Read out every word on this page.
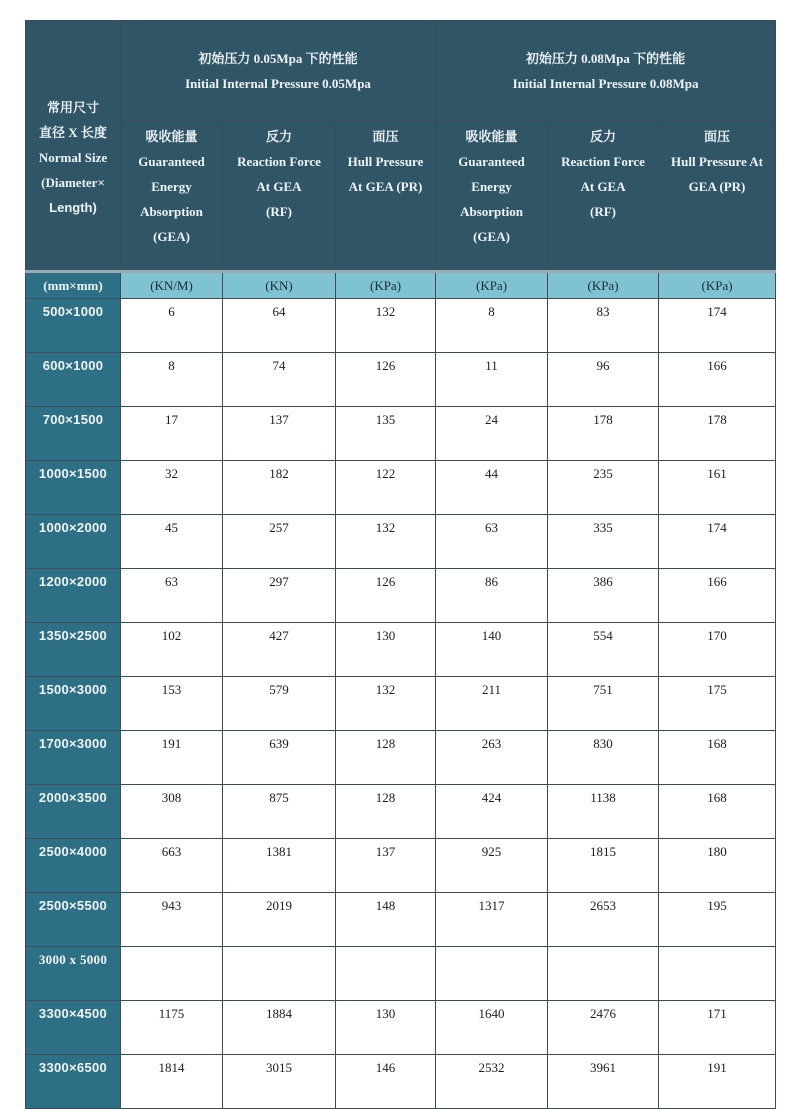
常用尺寸
直径 X 长度
Normal Size
(Diameter×
Length)	初始压力 0.05Mpa 下的性能
Initial Internal Pressure 0.05Mpa			初始压力 0.08Mpa 下的性能
Initial Internal Pressure 0.08Mpa		

	吸收能量
Guaranteed
Energy
Absorption
(GEA)	反力
Reaction Force
At GEA
(RF)	面压
Hull Pressure
At GEA (PR)	吸收能量
Guaranteed
Energy
Absorption
(GEA)	反力
Reaction Force
At GEA
(RF)	面压
Hull Pressure At
GEA (PR)

(mm×mm)	(KN/M)	(KN)	(KPa)	(KPa)	(KPa)	(KPa)
500×1000	6	64	132	8	83	174
600×1000	8	74	126	11	96	166
700×1500	17	137	135	24	178	178
1000×1500	32	182	122	44	235	161
1000×2000	45	257	132	63	335	174
1200×2000	63	297	126	86	386	166
1350×2500	102	427	130	140	554	170
1500×3000	153	579	132	211	751	175
1700×3000	191	639	128	263	830	168
2000×3500	308	875	128	424	1138	168
2500×4000	663	1381	137	925	1815	180
2500×5500	943	2019	148	1317	2653	195
3000 x 5000						
3300×4500	1175	1884	130	1640	2476	171
3300×6500	1814	3015	146	2532	3961	191
